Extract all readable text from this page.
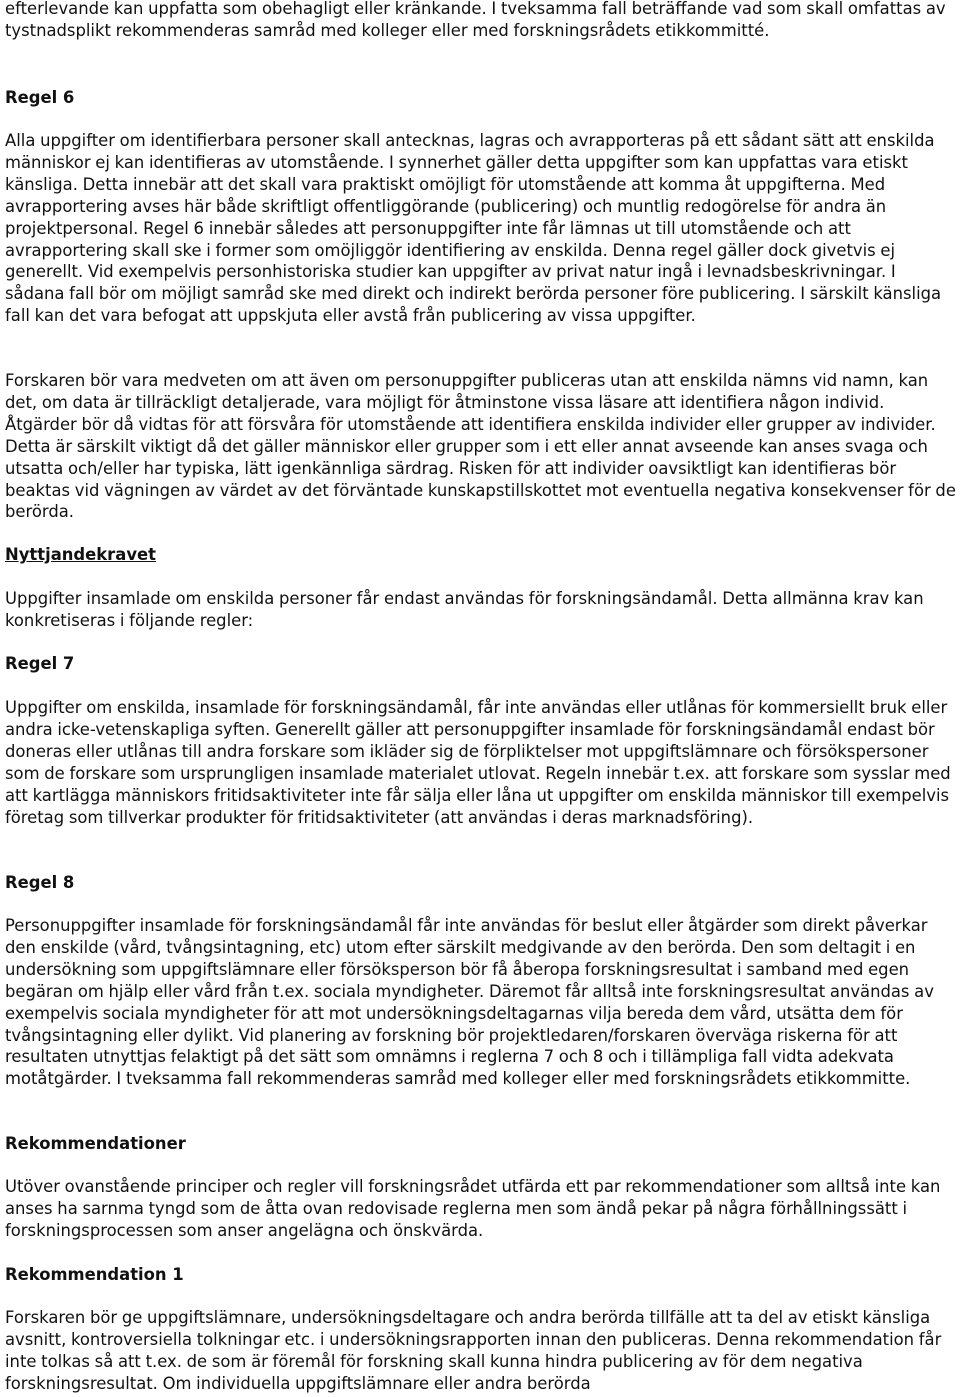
efterlevande kan uppfatta som obehagligt eller kränkande. I tveksamma fall beträffande vad som skall omfattas av tystnadsplikt rekommenderas samråd med kolleger eller med forskningsrådets etikkommitté.

Regel 6

Alla uppgifter om identifierbara personer skall antecknas, lagras och avrapporteras på ett sådant sätt att enskilda människor ej kan identifieras av utomstående. I synnerhet gäller detta uppgifter som kan uppfattas vara etiskt känsliga. Detta innebär att det skall vara praktiskt omöjligt för utomstående att komma åt uppgifterna. Med avrapportering avses här både skriftligt offentliggörande (publicering) och muntlig redogörelse för andra än projektpersonal. Regel 6 innebär således att personuppgifter inte får lämnas ut till utomstående och att avrapportering skall ske i former som omöjliggör identifiering av enskilda. Denna regel gäller dock givetvis ej generellt. Vid exempelvis personhistoriska studier kan uppgifter av privat natur ingå i levnadsbeskrivningar. I sådana fall bör om möjligt samråd ske med direkt och indirekt berörda personer före publicering. I särskilt känsliga fall kan det vara befogat att uppskjuta eller avstå från publicering av vissa uppgifter.

Forskaren bör vara medveten om att även om personuppgifter publiceras utan att enskilda nämns vid namn, kan det, om data är tillräckligt detaljerade, vara möjligt för åtminstone vissa läsare att identifiera någon individ. Åtgärder bör då vidtas för att försvåra för utomstående att identifiera enskilda individer eller grupper av individer. Detta är särskilt viktigt då det gäller människor eller grupper som i ett eller annat avseende kan anses svaga och utsatta och/eller har typiska, lätt igenkännliga särdrag. Risken för att individer oavsiktligt kan identifieras bör beaktas vid vägningen av värdet av det förväntade kunskapstillskottet mot eventuella negativa konsekvenser för de berörda.

Nyttjandekravet

Uppgifter insamlade om enskilda personer får endast användas för forskningsändamål. Detta allmänna krav kan konkretiseras i följande regler:

Regel 7

Uppgifter om enskilda, insamlade för forskningsändamål, får inte användas eller utlånas för kommersiellt bruk eller andra icke-vetenskapliga syften. Generellt gäller att personuppgifter insamlade för forskningsändamål endast bör doneras eller utlånas till andra forskare som ikläder sig de förpliktelser mot uppgiftslämnare och försökspersoner som de forskare som ursprungligen insamlade materialet utlovat. Regeln innebär t.ex. att forskare som sysslar med att kartlägga människors fritidsaktiviteter inte får sälja eller låna ut uppgifter om enskilda människor till exempelvis företag som tillverkar produkter för fritidsaktiviteter (att användas i deras marknadsföring).

Regel 8

Personuppgifter insamlade för forskningsändamål får inte användas för beslut eller åtgärder som direkt påverkar den enskilde (vård, tvångsintagning, etc) utom efter särskilt medgivande av den berörda. Den som deltagit i en undersökning som uppgiftslämnare eller försöksperson bör få åberopa forskningsresultat i samband med egen begäran om hjälp eller vård från t.ex. sociala myndigheter. Däremot får alltså inte forskningsresultat användas av exempelvis sociala myndigheter för att mot undersökningsdeltagarnas vilja bereda dem vård, utsätta dem för tvångsintagning eller dylikt. Vid planering av forskning bör projektledaren/forskaren överväga riskerna för att resultaten utnyttjas felaktigt på det sätt som omnämns i reglerna 7 och 8 och i tillämpliga fall vidta adekvata motåtgärder. I tveksamma fall rekommenderas samråd med kolleger eller med forskningsrådets etikkommitte.

Rekommendationer

Utöver ovanstående principer och regler vill forskningsrådet utfärda ett par rekommendationer som alltså inte kan anses ha sarnma tyngd som de åtta ovan redovisade reglerna men som ändå pekar på några förhållningssätt i forskningsprocessen som anser angelägna och önskvärda.

Rekommendation 1

Forskaren bör ge uppgiftslämnare, undersökningsdeltagare och andra berörda tillfälle att ta del av etiskt känsliga avsnitt, kontroversiella tolkningar etc. i undersökningsrapporten innan den publiceras. Denna rekommendation får inte tolkas så att t.ex. de som är föremål för forskning skall kunna hindra publicering av för dem negativa forskningsresultat. Om individuella uppgiftslämnare eller andra berörda
